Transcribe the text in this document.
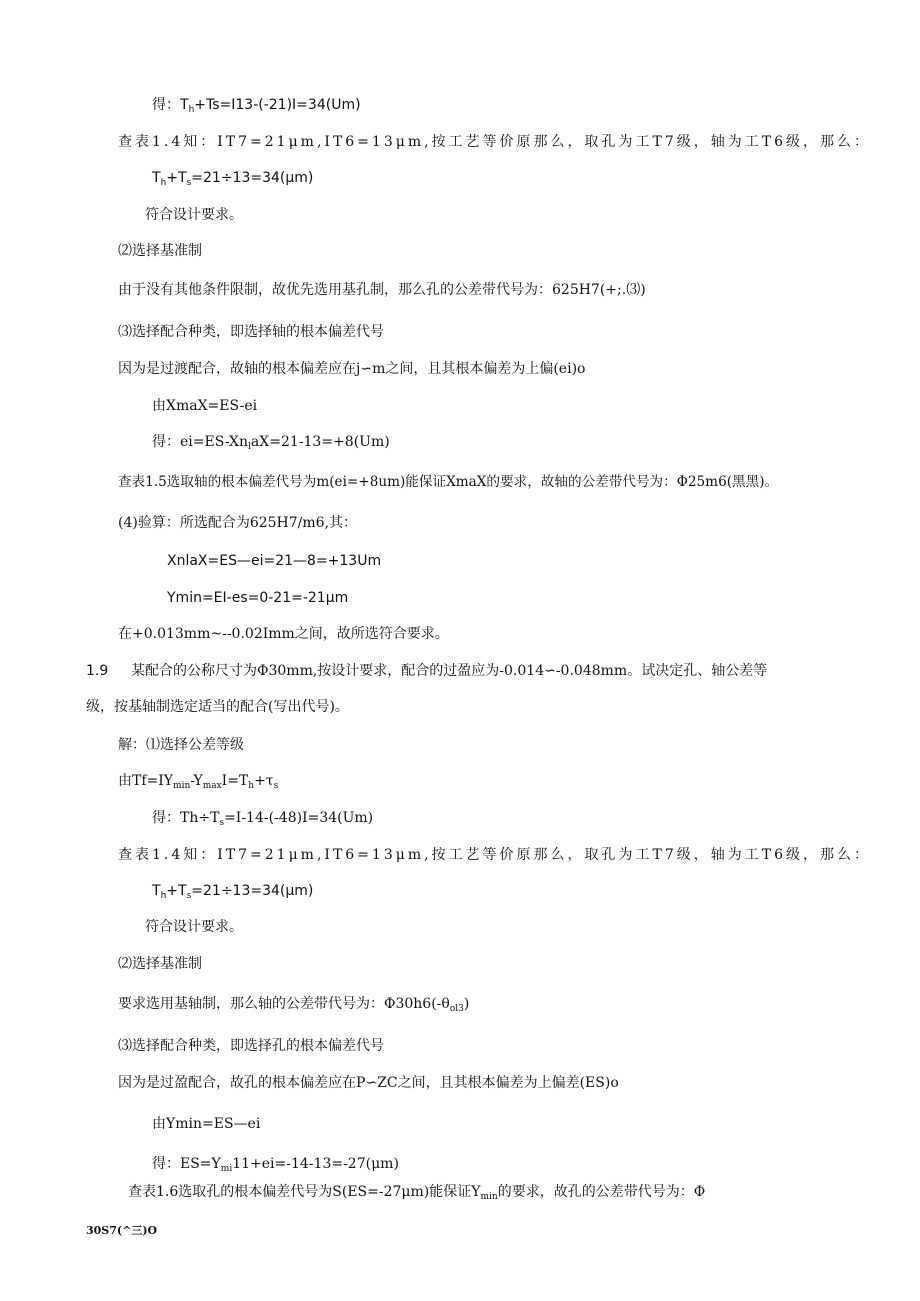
得：$T_h+Ts=I13-(-21)I=34(Um)$
查表1.4知：IT7=21μm,IT6=13μm,按工艺等价原那么，取孔为工T7级，轴为工T6级，那么：
$T_h+T_s=21\div 13=34(\mu m)$
符合设计要求。
⑵选择基准制
由于没有其他条件限制，故优先选用基孔制，那么孔的公差带代号为：625H7(+;.⑶)
⑶选择配合种类，即选择轴的根本偏差代号
因为是过渡配合，故轴的根本偏差应在j∽m之间，且其根本偏差为上偏(ei)o
由XmaX=ES-ei
得：$ei=ES-Xn_laX=21-13=+8(Um)$
查表1.5选取轴的根本偏差代号为m(ei=+8um)能保证XmaX的要求，故轴的公差带代号为：Φ25m6(黑黑)。
(4)验算：所选配合为625H7∕m6,其：
XnlaX=ES—ei=21—8=+13Um
Ymin=EI-es=0-21=-21μm
在+0.013mm~--0.02Imm之间，故所选符合要求。
1.9 某配合的公称尺寸为Φ30mm,按设计要求，配合的过盈应为-0.014∽-0.048mm。试决定孔、轴公差等
级，按基轴制选定适当的配合(写出代号)。
解：⑴选择公差等级
由$Tf=IY_{min}-Y_{max}I=T_h+\tau_s$
得：$Th\div T_s=I-14-(-48)I=34(Um)$
查表1.4知：IT7=21μm,IT6=13μm,按工艺等价原那么，取孔为工T7级，轴为工T6级，那么：
$T_h+T_s=21\div 13=34(\mu m)$
符合设计要求。
⑵选择基准制
要求选用基轴制，那么轴的公差带代号为：$\Phi 30h6(-\theta_{ol3})$
⑶选择配合种类，即选择孔的根本偏差代号
因为是过盈配合，故孔的根本偏差应在P∽ZC之间，且其根本偏差为上偏差(ES)o
由Ymin=ES—ei
得：$ES=Y_{mi}11+ei=-14-13=-27(\mu m)$
查表1.6选取孔的根本偏差代号为S(ES=-27μm)能保证$Y_{min}$的要求，故孔的公差带代号为：Φ
30S7(^三)O
